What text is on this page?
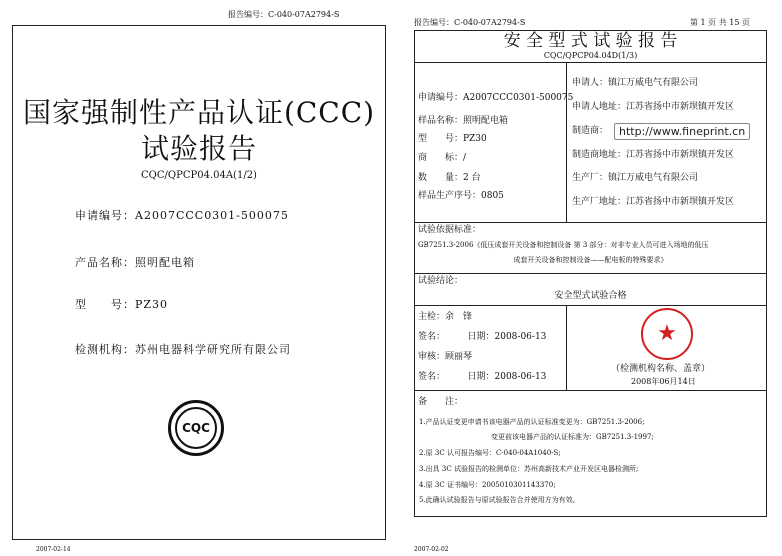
报告编号：C-040-07A2794-S
国家强制性产品认证(CCC)
试验报告
CQC/QPCP04.04A(1/2)
申请编号：A2007CCC0301-500075
产品名称：照明配电箱
型　　号：PZ30
检测机构：苏州电器科学研究所有限公司
CQC
2007-02-14
报告编号：C-040-07A2794-S	第 1 页 共 15 页
安 全 型 式 试 验 报 告
CQC/QPCP04.04D(1/3)
申请编号：A2007CCC0301-500075
样品名称：照明配电箱
型　　号：PZ30
商　　标：/
数　　量：2 台
样品生产序号：0805
申请人：镇江万威电气有限公司
申请人地址：江苏省扬中市新坝镇开发区
制造商：
制造商地址：江苏省扬中市新坝镇开发区
生产厂：镇江万威电气有限公司
生产厂地址：江苏省扬中市新坝镇开发区
试验依据标准：
GB7251.3-2006《低压成套开关设备和控制设备 第 3 部分：对非专业人员可进入场地的低压
成套开关设备和控制设备——配电板的特殊要求》
试验结论：
安全型式试验合格
主检：余　锋
签名：　　　日期：2008-06-13
审核：顾丽琴
签名：　　　日期：2008-06-13
★
（检测机构名称、盖章）
2008年06月14日
备　　注：
1.产品认证变更申请书该电器产品的认证标准变更为：GB7251.3-2006;
变更前该电器产品的认证标准为：GB7251.3-1997;
2.原 3C 认可报告编号：C-040-04A1040-S;
3.出具 3C 试验报告的检测单位：苏州高新技术产业开发区电器检测所;
4.原 3C 证书编号：2005010301143370;
5.此确认试验报告与原试验报告合并使用方为有效。
http://www.fineprint.cn
2007-02-02
